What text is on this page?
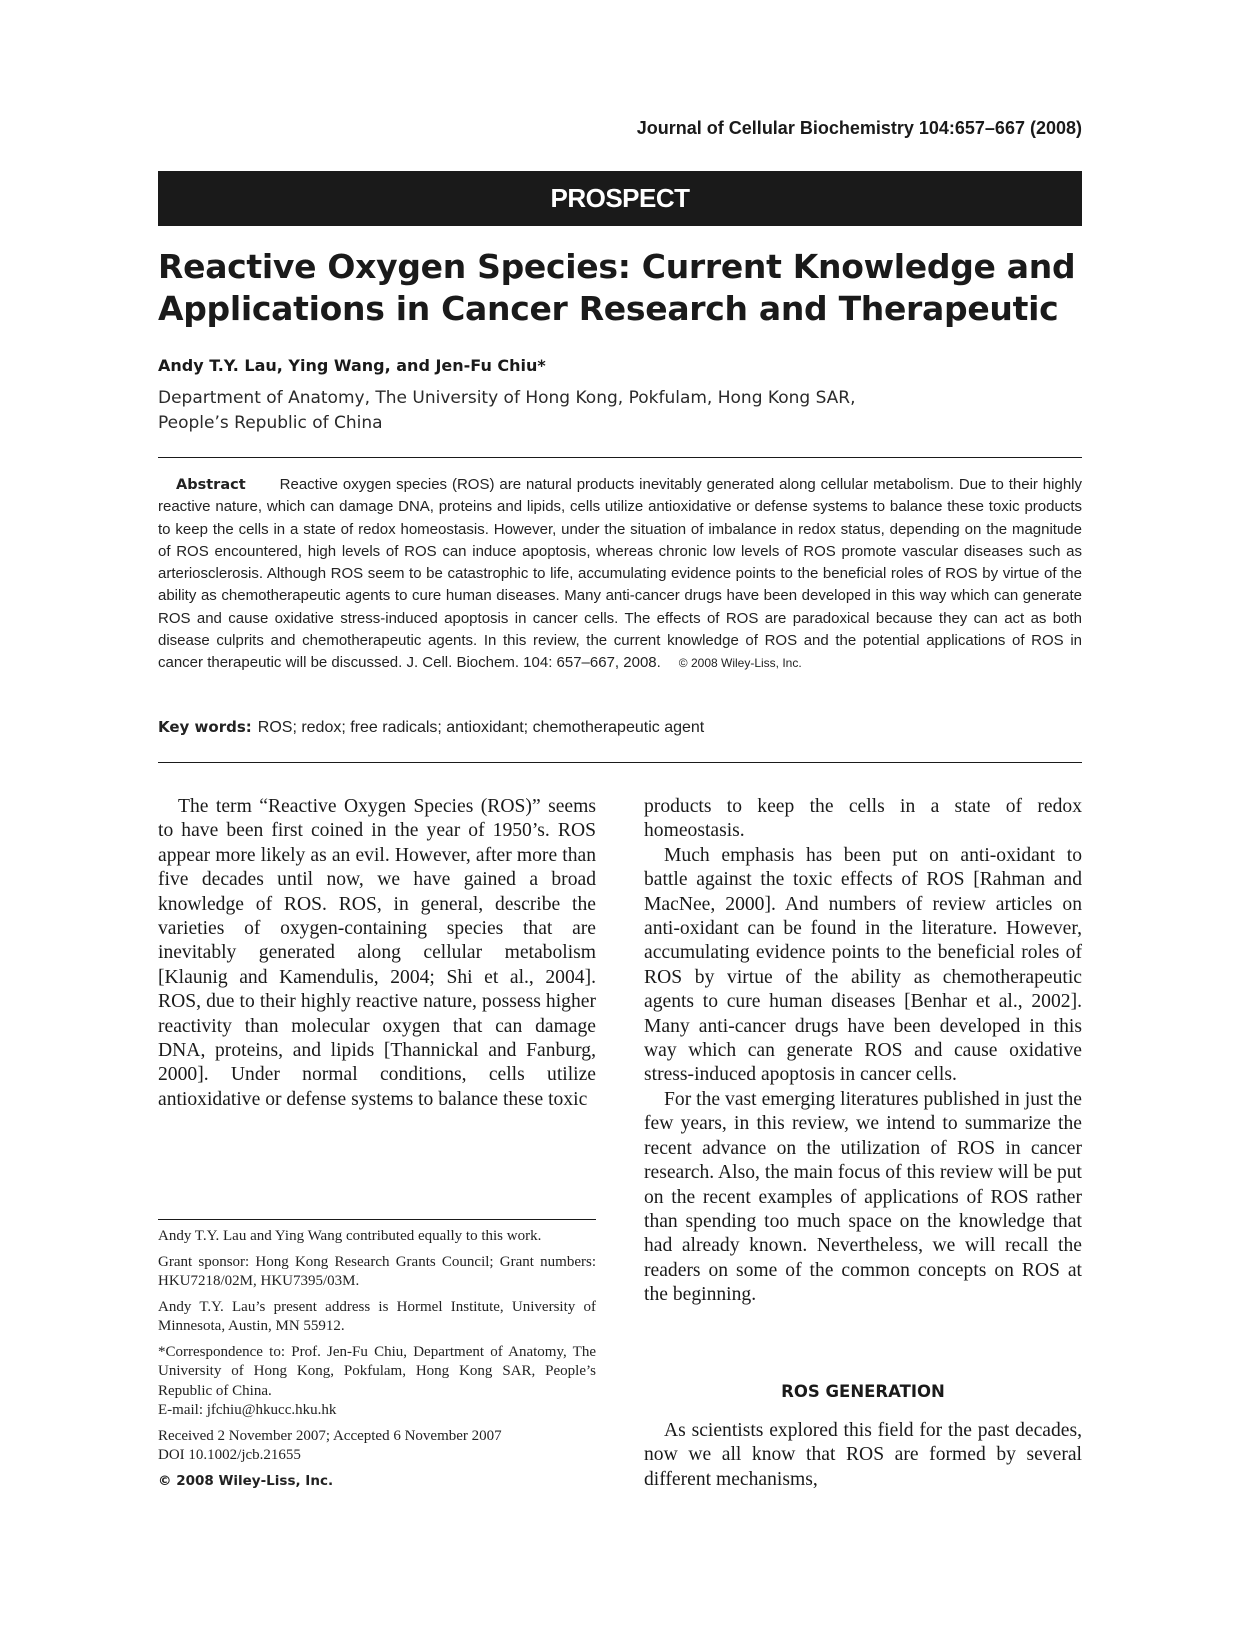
Journal of Cellular Biochemistry 104:657–667 (2008)
PROSPECT
Reactive Oxygen Species: Current Knowledge and
Applications in Cancer Research and Therapeutic
Andy T.Y. Lau, Ying Wang, and Jen-Fu Chiu*
Department of Anatomy, The University of Hong Kong, Pokfulam, Hong Kong SAR,
People’s Republic of China

Abstract Reactive oxygen species (ROS) are natural products inevitably generated along cellular metabolism. Due to their highly reactive nature, which can damage DNA, proteins and lipids, cells utilize antioxidative or defense systems to balance these toxic products to keep the cells in a state of redox homeostasis. However, under the situation of imbalance in redox status, depending on the magnitude of ROS encountered, high levels of ROS can induce apoptosis, whereas chronic low levels of ROS promote vascular diseases such as arteriosclerosis. Although ROS seem to be catastrophic to life, accumulating evidence points to the beneficial roles of ROS by virtue of the ability as chemotherapeutic agents to cure human diseases. Many anti-cancer drugs have been developed in this way which can generate ROS and cause oxidative stress-induced apoptosis in cancer cells. The effects of ROS are paradoxical because they can act as both disease culprits and chemotherapeutic agents. In this review, the current knowledge of ROS and the potential applications of ROS in cancer therapeutic will be discussed. J. Cell. Biochem. 104: 657–667, 2008. © 2008 Wiley-Liss, Inc.

Key words: ROS; redox; free radicals; antioxidant; chemotherapeutic agent

The term “Reactive Oxygen Species (ROS)” seems to have been first coined in the year of 1950’s. ROS appear more likely as an evil. However, after more than five decades until now, we have gained a broad knowledge of ROS. ROS, in general, describe the varieties of oxygen-containing species that are inevitably generated along cellular metabolism [Klaunig and Kamendulis, 2004; Shi et al., 2004]. ROS, due to their highly reactive nature, possess higher reactivity than molecular oxygen that can damage DNA, proteins, and lipids [Thannickal and Fanburg, 2000]. Under normal conditions, cells utilize antioxidative or defense systems to balance these toxic

products to keep the cells in a state of redox homeostasis.

Much emphasis has been put on anti-oxidant to battle against the toxic effects of ROS [Rahman and MacNee, 2000]. And numbers of review articles on anti-oxidant can be found in the literature. However, accumulating evidence points to the beneficial roles of ROS by virtue of the ability as chemotherapeutic agents to cure human diseases [Benhar et al., 2002]. Many anti-cancer drugs have been developed in this way which can generate ROS and cause oxidative stress-induced apoptosis in cancer cells.

For the vast emerging literatures published in just the few years, in this review, we intend to summarize the recent advance on the utilization of ROS in cancer research. Also, the main focus of this review will be put on the recent examples of applications of ROS rather than spending too much space on the knowledge that had already known. Nevertheless, we will recall the readers on some of the common concepts on ROS at the beginning.

ROS GENERATION

As scientists explored this field for the past decades, now we all know that ROS are formed by several different mechanisms,

Andy T.Y. Lau and Ying Wang contributed equally to this work.

Grant sponsor: Hong Kong Research Grants Council; Grant numbers: HKU7218/02M, HKU7395/03M.

Andy T.Y. Lau’s present address is Hormel Institute, University of Minnesota, Austin, MN 55912.

*Correspondence to: Prof. Jen-Fu Chiu, Department of Anatomy, The University of Hong Kong, Pokfulam, Hong Kong SAR, People’s Republic of China.

E-mail: jfchiu@hkucc.hku.hk

Received 2 November 2007; Accepted 6 November 2007

DOI 10.1002/jcb.21655

© 2008 Wiley-Liss, Inc.
